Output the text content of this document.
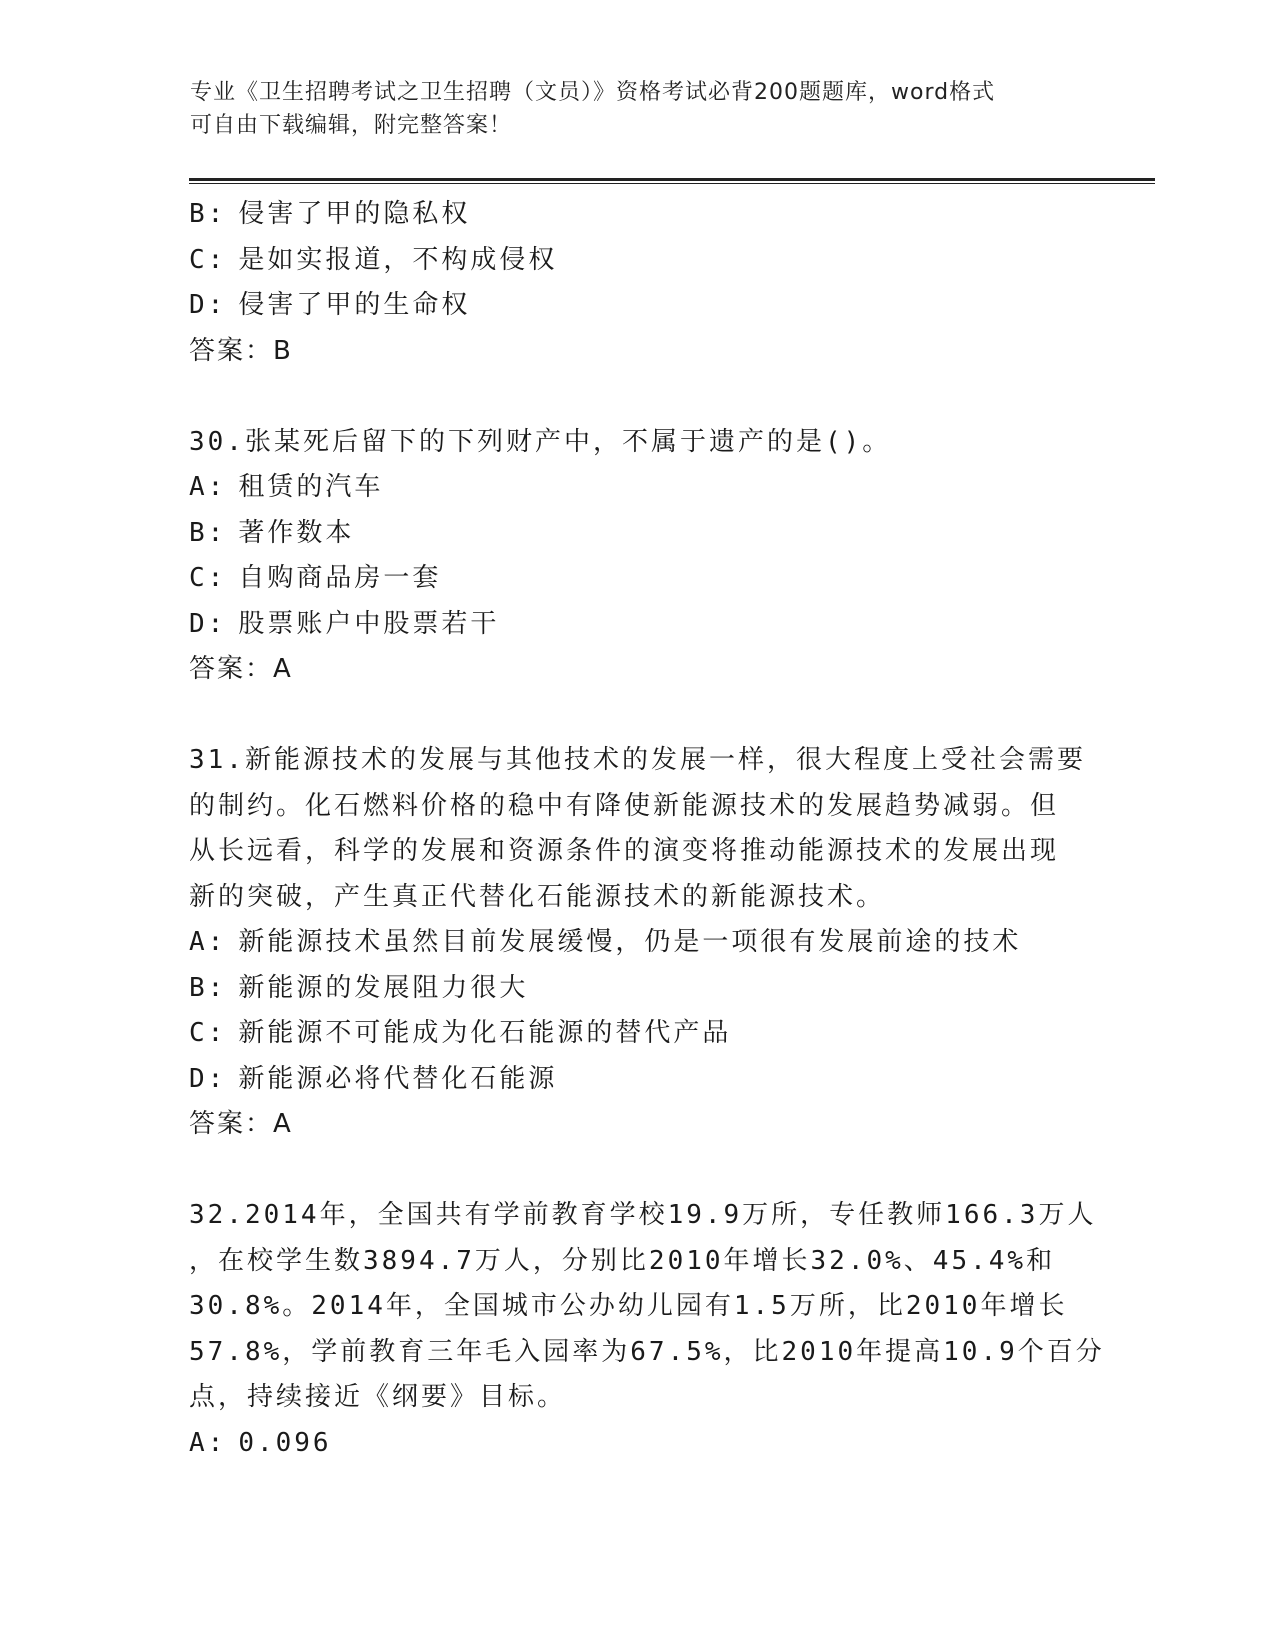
专业《卫生招聘考试之卫生招聘（文员）》资格考试必背200题题库，word格式
可自由下载编辑，附完整答案！
B: 侵害了甲的隐私权
C: 是如实报道，不构成侵权
D: 侵害了甲的生命权
答案：B
30.张某死后留下的下列财产中，不属于遗产的是()。
A: 租赁的汽车
B: 著作数本
C: 自购商品房一套
D: 股票账户中股票若干
答案：A
31.新能源技术的发展与其他技术的发展一样，很大程度上受社会需要
的制约。化石燃料价格的稳中有降使新能源技术的发展趋势减弱。但
从长远看，科学的发展和资源条件的演变将推动能源技术的发展出现
新的突破，产生真正代替化石能源技术的新能源技术。
A: 新能源技术虽然目前发展缓慢，仍是一项很有发展前途的技术
B: 新能源的发展阻力很大
C: 新能源不可能成为化石能源的替代产品
D: 新能源必将代替化石能源
答案：A
32.2014年，全国共有学前教育学校19.9万所，专任教师166.3万人
，在校学生数3894.7万人，分别比2010年增长32.0%、45.4%和
30.8%。2014年，全国城市公办幼儿园有1.5万所，比2010年增长
57.8%，学前教育三年毛入园率为67.5%，比2010年提高10.9个百分
点，持续接近《纲要》目标。
A: 0.096
